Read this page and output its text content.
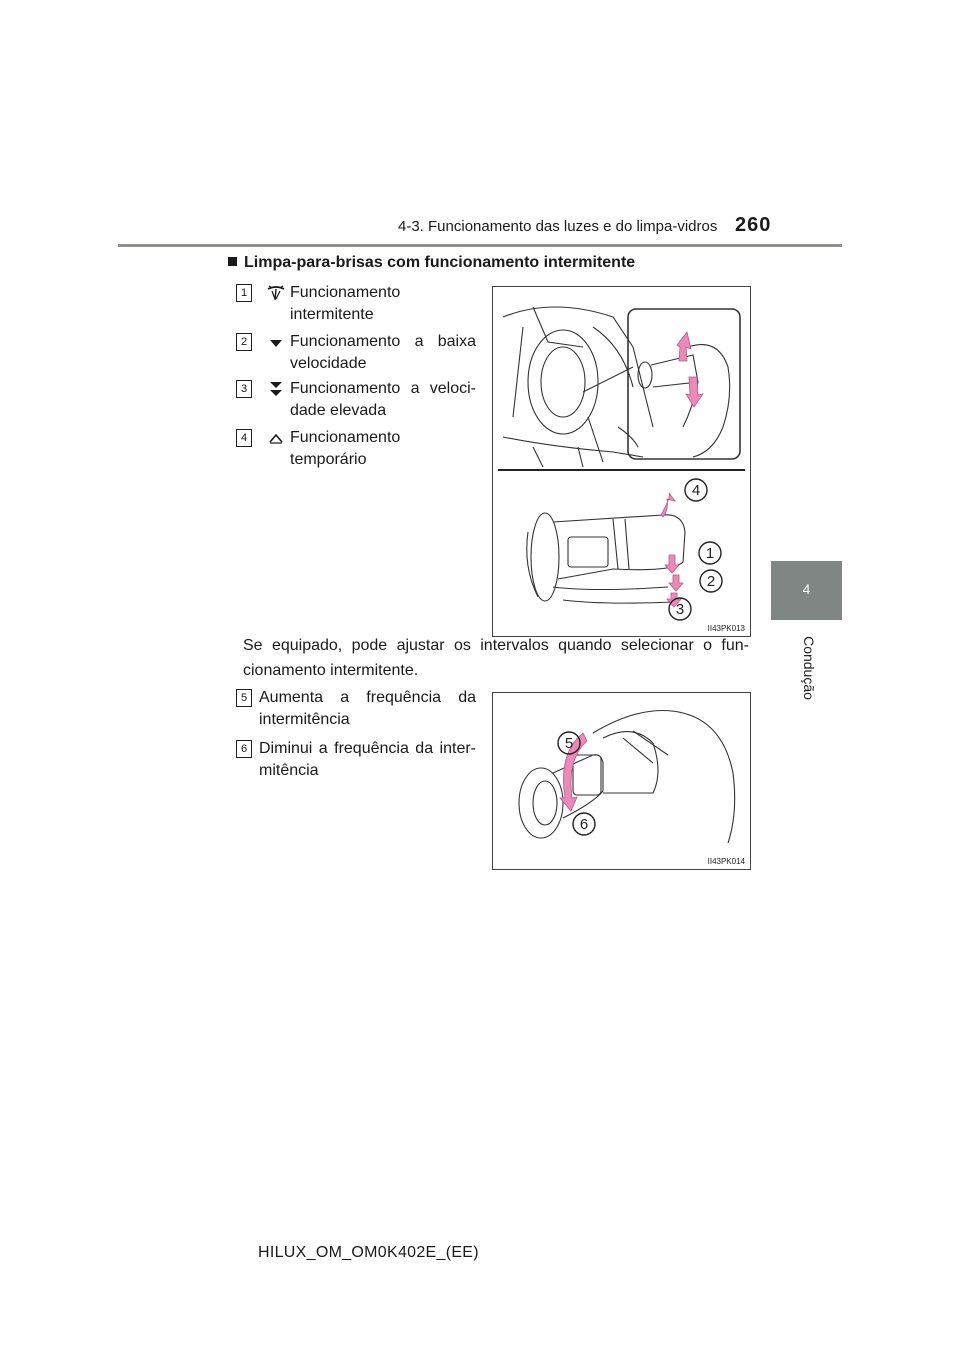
4-3. Funcionamento das luzes e do limpa-vidros 260
4
Condução
Limpa-para-brisas com funcionamento intermitente
1	Funcionamento intermitente
2	Funcionamento a baixa velocidade
3	Funcionamento a veloci-dade elevada
4	Funcionamento temporário
4
1
2
3
II43PK013
Se equipado, pode ajustar os intervalos quando selecionar o fun-cionamento intermitente.
5 Aumenta a frequência da intermitência
6 Diminui a frequência da inter-mitência
5
6
II43PK014
HILUX_OM_OM0K402E_(EE)
